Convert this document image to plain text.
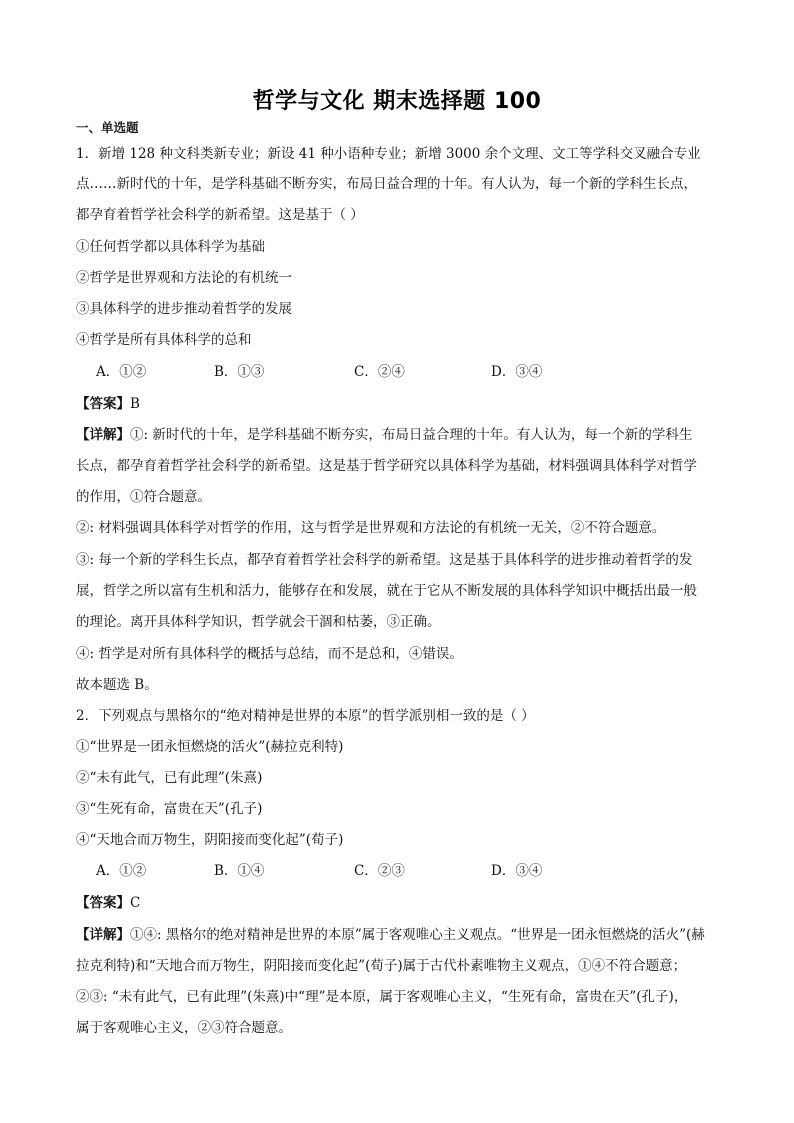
哲学与文化 期末选择题 100
一、单选题
1．新增 128 种文科类新专业；新设 41 种小语种专业；新增 3000 余个文理、文工等学科交叉融合专业
点……新时代的十年，是学科基础不断夯实，布局日益合理的十年。有人认为，每一个新的学科生长点，
都孕育着哲学社会科学的新希望。这是基于（ ）
①任何哲学都以具体科学为基础
②哲学是世界观和方法论的有机统一
③具体科学的进步推动着哲学的发展
④哲学是所有具体科学的总和
A．①②	B．①③	C．②④	D．③④
【答案】B
【详解】①: 新时代的十年，是学科基础不断夯实，布局日益合理的十年。有人认为，每一个新的学科生
长点，都孕育着哲学社会科学的新希望。这是基于哲学研究以具体科学为基础，材料强调具体科学对哲学
的作用，①符合题意。
②: 材料强调具体科学对哲学的作用，这与哲学是世界观和方法论的有机统一无关，②不符合题意。
③: 每一个新的学科生长点，都孕育着哲学社会科学的新希望。这是基于具体科学的进步推动着哲学的发
展，哲学之所以富有生机和活力，能够存在和发展，就在于它从不断发展的具体科学知识中概括出最一般
的理论。离开具体科学知识，哲学就会干涸和枯萎，③正确。
④: 哲学是对所有具体科学的概括与总结，而不是总和，④错误。
故本题选 B。
2．下列观点与黑格尔的“绝对精神是世界的本原”的哲学派别相一致的是（ ）
①“世界是一团永恒燃烧的活火”(赫拉克利特)
②“未有此气，已有此理”(朱熹)
③“生死有命，富贵在天”(孔子)
④“天地合而万物生，阴阳接而变化起”(荀子)
A．①②	B．①④	C．②③	D．③④
【答案】C
【详解】①④: 黑格尔的绝对精神是世界的本原”属于客观唯心主义观点。“世界是一团永恒燃烧的活火”(赫
拉克利特)和“天地合而万物生，阴阳接而变化起”(荀子)属于古代朴素唯物主义观点，①④不符合题意；
②③: “未有此气，已有此理”(朱熹)中“理”是本原，属于客观唯心主义，“生死有命，富贵在天”(孔子)，
属于客观唯心主义，②③符合题意。
